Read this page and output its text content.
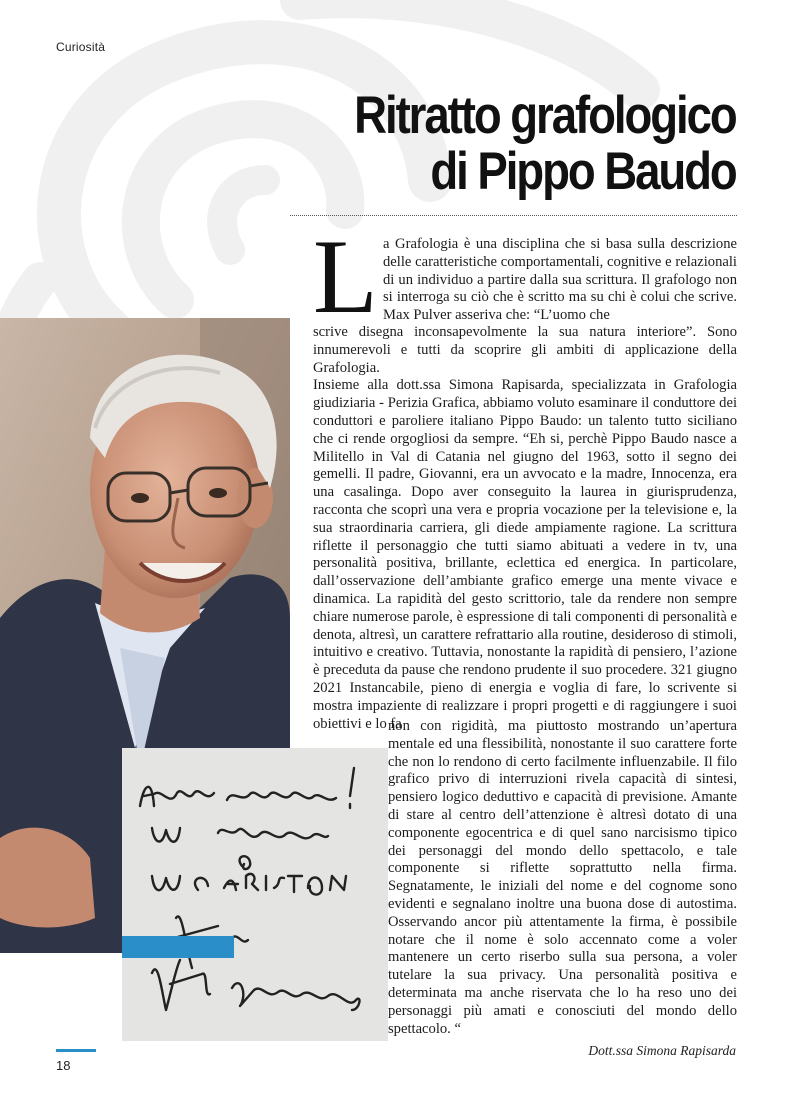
Curiosità
Ritratto grafologico
di Pippo Baudo
L a Grafologia è una disciplina che si basa sulla descrizione delle caratteristiche comportamentali, cognitive e relazionali di un individuo a partire dalla sua scrittura. Il grafologo non si interroga su ciò che è scritto ma su chi è colui che scrive. Max Pulver asseriva che: “L’uomo che

scrive disegna inconsapevolmente la sua natura interiore”. Sono innumerevoli e tutti da scoprire gli ambiti di applicazione della Grafologia.

Insieme alla dott.ssa Simona Rapisarda, specializzata in Grafologia giudiziaria - Perizia Grafica, abbiamo voluto esaminare il conduttore dei conduttori e paroliere italiano Pippo Baudo: un talento tutto siciliano che ci rende orgogliosi da sempre. “Eh si, perchè Pippo Baudo nasce a Militello in Val di Catania nel giugno del 1963, sotto il segno dei gemelli. Il padre, Giovanni, era un avvocato e la madre, Innocenza, era una casalinga. Dopo aver conseguito la laurea in giurisprudenza, racconta che scoprì una vera e propria vocazione per la televisione e, la sua straordinaria carriera, gli diede ampiamente ragione. La scrittura riflette il personaggio che tutti siamo abituati a vedere in tv, una personalità positiva, brillante, eclettica ed energica. In particolare, dall’osservazione dell’ambiante grafico emerge una mente vivace e dinamica. La rapidità del gesto scrittorio, tale da rendere non sempre chiare numerose parole, è espressione di tali componenti di personalità e denota, altresì, un carattere refrattario alla routine, desideroso di stimoli, intuitivo e creativo. Tuttavia, nonostante la rapidità di pensiero, l’azione è preceduta da pause che rendono prudente il suo procedere. 321 giugno 2021 Instancabile, pieno di energia e voglia di fare, lo scrivente si mostra impaziente di realizzare i propri progetti e di raggiungere i suoi obiettivi e lo fa

non con rigidità, ma piuttosto mostrando un’apertura mentale ed una flessibilità, nonostante il suo carattere forte che non lo rendono di certo facilmente influenzabile. Il filo grafico privo di interruzioni rivela capacità di sintesi, pensiero logico deduttivo e capacità di previsione. Amante di stare al centro dell’attenzione è altresì dotato di una componente egocentrica e di quel sano narcisismo tipico dei personaggi del mondo dello spettacolo, e tale componente si riflette soprattutto nella firma. Segnatamente, le iniziali del nome e del cognome sono evidenti e segnalano inoltre una buona dose di autostima. Osservando ancor più attentamente la firma, è possibile notare che il nome è solo accennato come a voler mantenere un certo riserbo sulla sua persona, a voler tutelare la sua privacy. Una personalità positiva e determinata ma anche riservata che lo ha reso uno dei personaggi più amati e conosciuti del mondo dello spettacolo. “

Dott.ssa Simona Rapisarda
18
